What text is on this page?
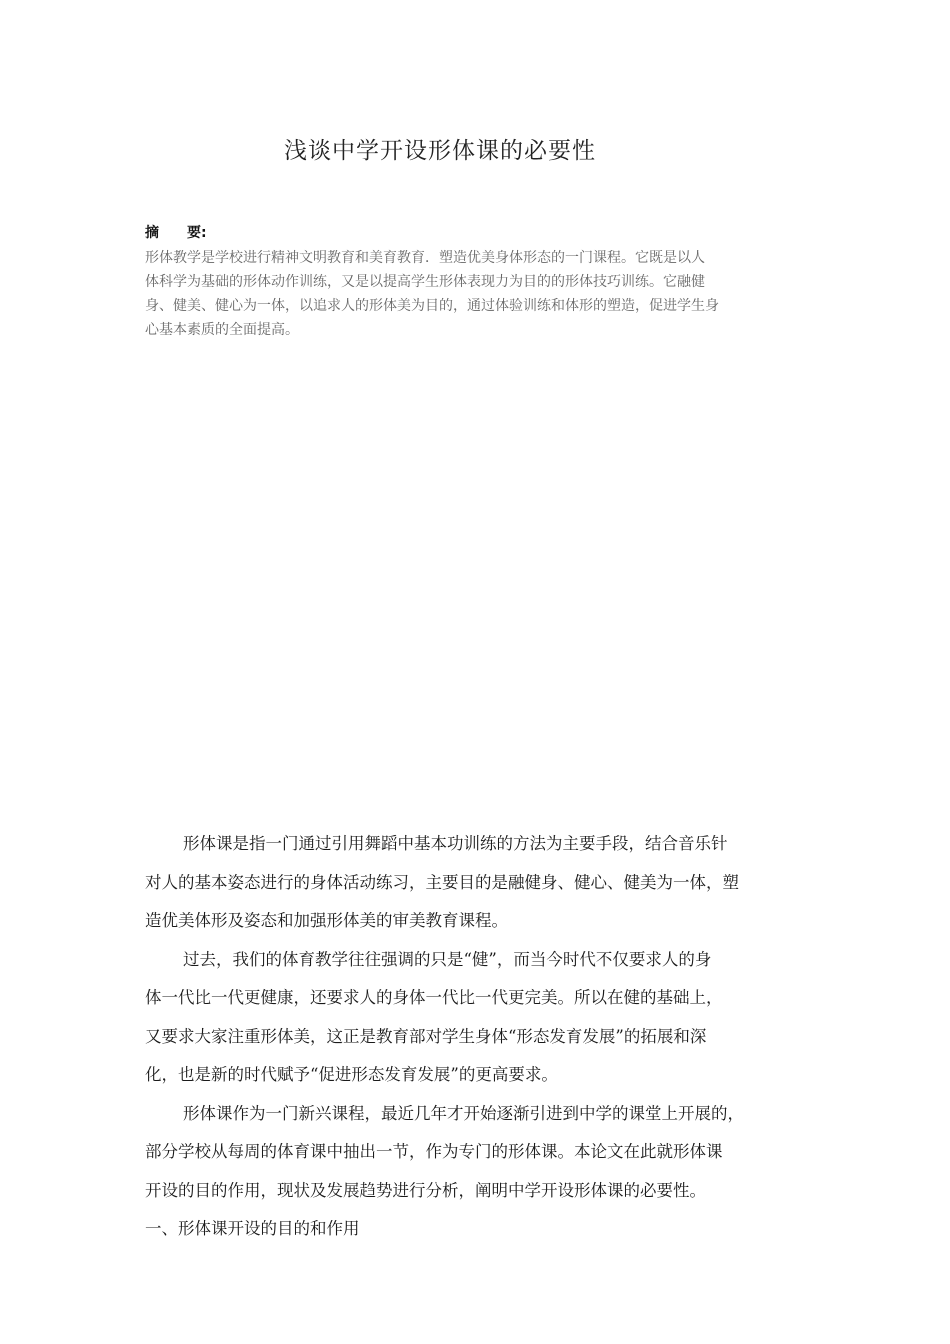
浅谈中学开设形体课的必要性
摘　　要:
形体教学是学校进行精神文明教育和美育教育．塑造优美身体形态的一门课程。它既是以人
体科学为基础的形体动作训练，又是以提高学生形体表现力为目的的形体技巧训练。它融健
身、健美、健心为一体，以追求人的形体美为目的，通过体验训练和体形的塑造，促进学生身
心基本素质的全面提高。
形体课是指一门通过引用舞蹈中基本功训练的方法为主要手段，结合音乐针
对人的基本姿态进行的身体活动练习，主要目的是融健身、健心、健美为一体，塑
造优美体形及姿态和加强形体美的审美教育课程。
过去，我们的体育教学往往强调的只是“健”，而当今时代不仅要求人的身
体一代比一代更健康，还要求人的身体一代比一代更完美。所以在健的基础上，
又要求大家注重形体美，这正是教育部对学生身体“形态发育发展”的拓展和深
化，也是新的时代赋予“促进形态发育发展”的更高要求。
形体课作为一门新兴课程，最近几年才开始逐渐引进到中学的课堂上开展的，
部分学校从每周的体育课中抽出一节，作为专门的形体课。本论文在此就形体课
开设的目的作用，现状及发展趋势进行分析，阐明中学开设形体课的必要性。
一、形体课开设的目的和作用
